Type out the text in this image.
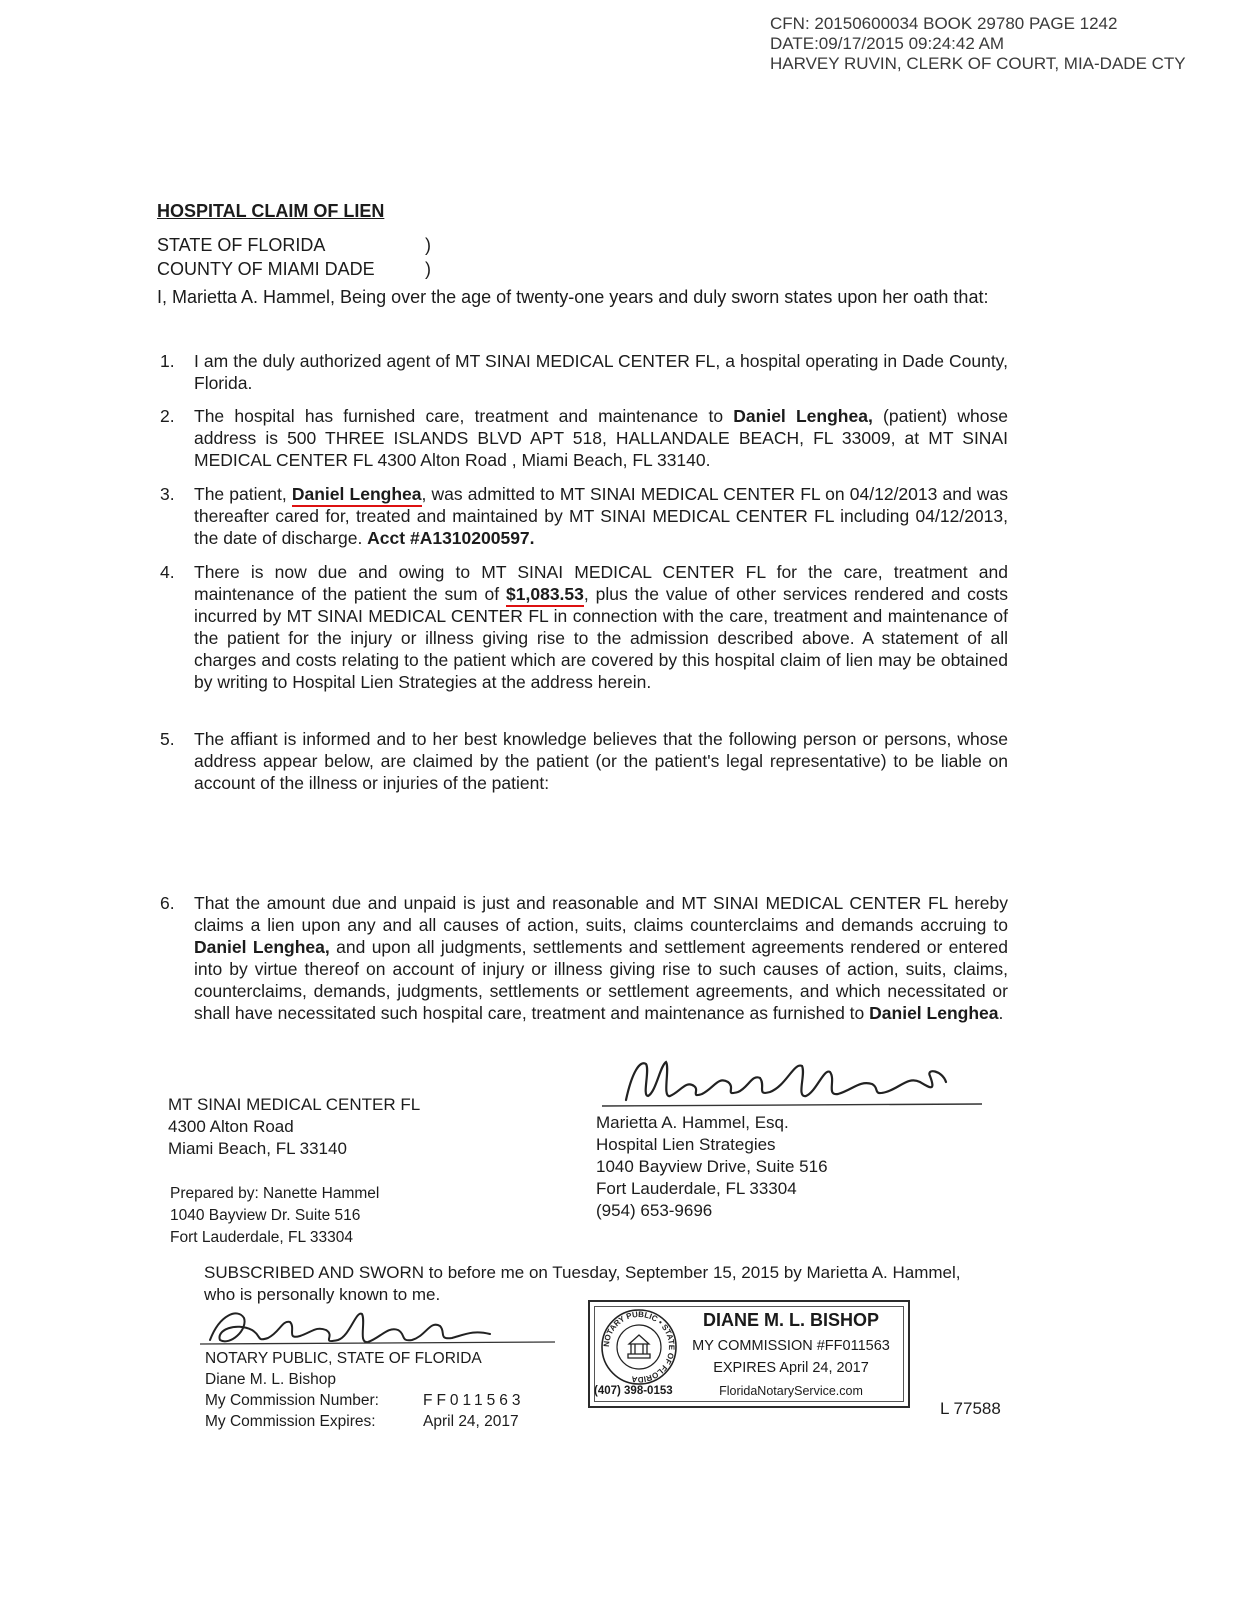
CFN: 20150600034 BOOK 29780 PAGE 1242
DATE:09/17/2015 09:24:42 AM
HARVEY RUVIN, CLERK OF COURT, MIA-DADE CTY
HOSPITAL CLAIM OF LIEN
STATE OF FLORIDA	)
COUNTY OF MIAMI DADE	)
I, Marietta A. Hammel, Being over the age of twenty-one years and duly sworn states upon her oath that:
1.	I am the duly authorized agent of MT SINAI MEDICAL CENTER FL, a hospital operating in Dade County, Florida.
2.	The hospital has furnished care, treatment and maintenance to Daniel Lenghea, (patient) whose address is 500 THREE ISLANDS BLVD APT 518, HALLANDALE BEACH, FL 33009, at MT SINAI MEDICAL CENTER FL 4300 Alton Road , Miami Beach, FL 33140.
3.	The patient, Daniel Lenghea, was admitted to MT SINAI MEDICAL CENTER FL on 04/12/2013 and was thereafter cared for, treated and maintained by MT SINAI MEDICAL CENTER FL including 04/12/2013, the date of discharge. Acct #A1310200597.
4.	There is now due and owing to MT SINAI MEDICAL CENTER FL for the care, treatment and maintenance of the patient the sum of $1,083.53, plus the value of other services rendered and costs incurred by MT SINAI MEDICAL CENTER FL in connection with the care, treatment and maintenance of the patient for the injury or illness giving rise to the admission described above. A statement of all charges and costs relating to the patient which are covered by this hospital claim of lien may be obtained by writing to Hospital Lien Strategies at the address herein.
5.	The affiant is informed and to her best knowledge believes that the following person or persons, whose address appear below, are claimed by the patient (or the patient's legal representative) to be liable on account of the illness or injuries of the patient:
6.	That the amount due and unpaid is just and reasonable and MT SINAI MEDICAL CENTER FL hereby claims a lien upon any and all causes of action, suits, claims counterclaims and demands accruing to Daniel Lenghea, and upon all judgments, settlements and settlement agreements rendered or entered into by virtue thereof on account of injury or illness giving rise to such causes of action, suits, claims, counterclaims, demands, judgments, settlements or settlement agreements, and which necessitated or shall have necessitated such hospital care, treatment and maintenance as furnished to Daniel Lenghea.
MT SINAI MEDICAL CENTER FL
4300 Alton Road
Miami Beach, FL 33140
Prepared by: Nanette Hammel
1040 Bayview Dr. Suite 516
Fort Lauderdale, FL 33304
Marietta A. Hammel, Esq.
Hospital Lien Strategies
1040 Bayview Drive, Suite 516
Fort Lauderdale, FL 33304
(954) 653-9696
SUBSCRIBED AND SWORN to before me on Tuesday, September 15, 2015 by Marietta A. Hammel, who is personally known to me.
NOTARY PUBLIC, STATE OF FLORIDA
Diane M. L. Bishop
My Commission Number:	FF011563
My Commission Expires:	April 24, 2017
NOTARY PUBLIC • STATE OF FLORIDA
DIANE M. L. BISHOP
MY COMMISSION #FF011563
EXPIRES April 24, 2017
FloridaNotaryService.com
(407) 398-0153
L 77588
